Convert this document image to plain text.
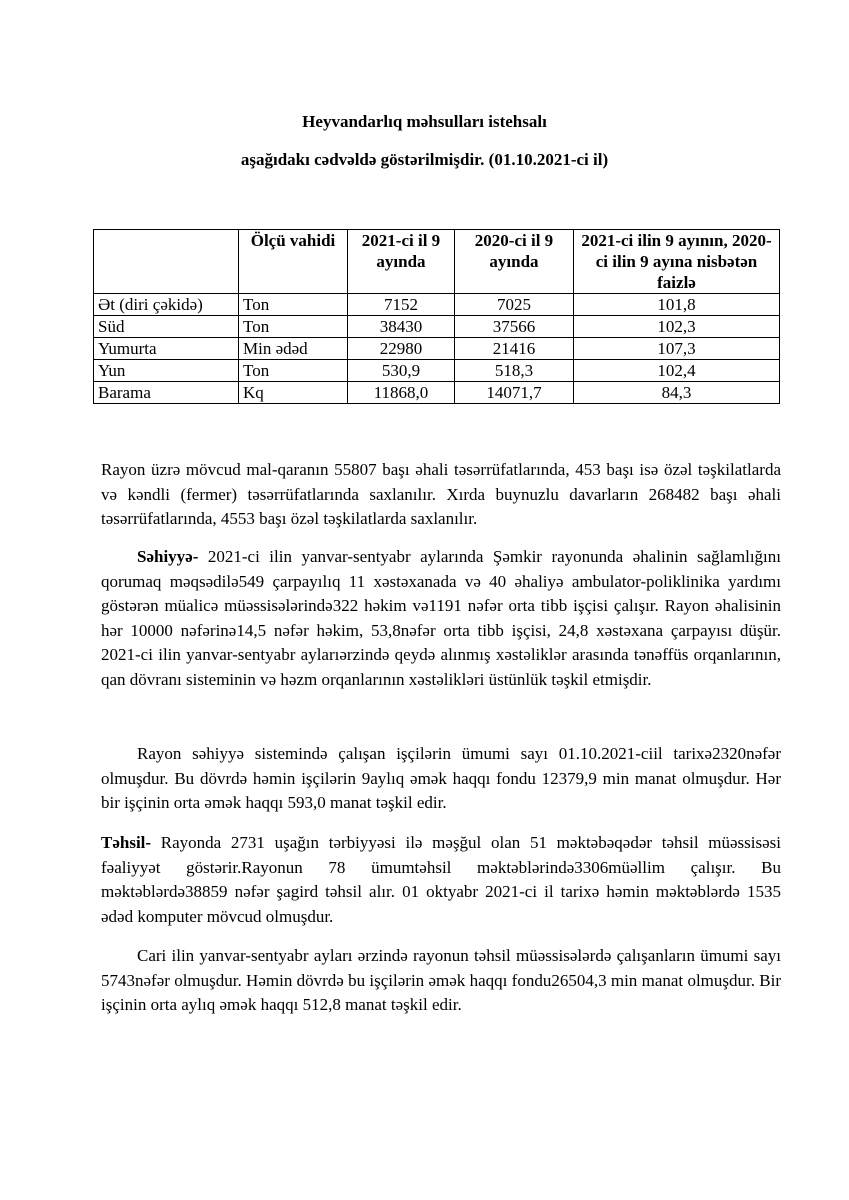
Heyvandarlıq məhsulları istehsalı
aşağıdakı cədvəldə göstərilmişdir. (01.10.2021-ci il)
	Ölçü vahidi	2021-ci il 9 ayında	2020-ci il 9 ayında	2021-ci ilin 9 ayının, 2020-ci ilin 9 ayına nisbətən faizlə
Ət (diri çəkidə)	Ton	7152	7025	101,8
Süd	Ton	38430	37566	102,3
Yumurta	Min ədəd	22980	21416	107,3
Yun	Ton	530,9	518,3	102,4
Barama	Kq	11868,0	14071,7	84,3

Rayon üzrə mövcud mal-qaranın 55807 başı əhali təsərrüfatlarında, 453 başı isə özəl təşkilatlarda və kəndli (fermer) təsərrüfatlarında saxlanılır. Xırda buynuzlu davarların 268482 başı əhali təsərrüfatlarında, 4553 başı özəl təşkilatlarda saxlanılır.

Səhiyyə- 2021-ci ilin yanvar-sentyabr aylarında Şəmkir rayonunda əhalinin sağlamlığını qorumaq məqsədilə549 çarpayılıq 11 xəstəxanada və 40 əhaliyə ambulator-poliklinika yardımı göstərən müalicə müəssisələrində322 həkim və1191 nəfər orta tibb işçisi çalışır. Rayon əhalisinin hər 10000 nəfərinə14,5 nəfər həkim, 53,8nəfər orta tibb işçisi, 24,8 xəstəxana çarpayısı düşür. 2021-ci ilin yanvar-sentyabr aylarıərzində qeydə alınmış xəstəliklər arasında tənəffüs orqanlarının, qan dövranı sisteminin və həzm orqanlarının xəstəlikləri üstünlük təşkil etmişdir.

Rayon səhiyyə sistemində çalışan işçilərin ümumi sayı 01.10.2021-ciil tarixə2320nəfər olmuşdur. Bu dövrdə həmin işçilərin 9aylıq əmək haqqı fondu 12379,9 min manat olmuşdur. Hər bir işçinin orta əmək haqqı 593,0 manat təşkil edir.

Təhsil- Rayonda 2731 uşağın tərbiyyəsi ilə məşğul olan 51 məktəbəqədər təhsil müəssisəsi fəaliyyət göstərir.Rayonun 78 ümumtəhsil məktəblərində3306müəllim çalışır. Bu məktəblərdə38859 nəfər şagird təhsil alır. 01 oktyabr 2021-ci il tarixə həmin məktəblərdə 1535 ədəd komputer mövcud olmuşdur.

Cari ilin yanvar-sentyabr ayları ərzində rayonun təhsil müəssisələrdə çalışanların ümumi sayı 5743nəfər olmuşdur. Həmin dövrdə bu işçilərin əmək haqqı fondu26504,3 min manat olmuşdur. Bir işçinin orta aylıq əmək haqqı 512,8 manat təşkil edir.
